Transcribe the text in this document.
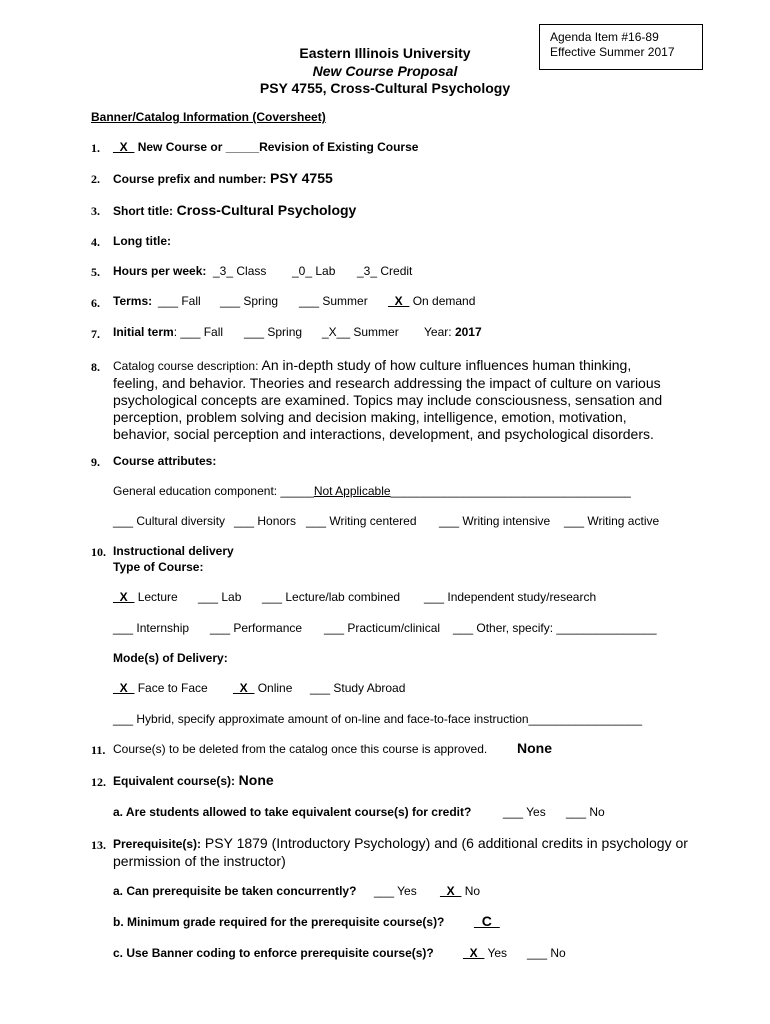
Agenda Item #16-89
Effective Summer 2017
Eastern Illinois University
New Course Proposal
PSY 4755, Cross-Cultural Psychology
Banner/Catalog Information (Coversheet)
1. _X_ New Course or _____Revision of Existing Course
2. Course prefix and number: PSY 4755
3. Short title: Cross-Cultural Psychology
4. Long title:
5. Hours per week: _3_ Class _0_ Lab _3_ Credit
6. Terms: ___ Fall ___ Spring ___ Summer _X_ On demand
7. Initial term: ___ Fall ___ Spring _X__ Summer Year: 2017
8. Catalog course description: An in-depth study of how culture influences human thinking, feeling, and behavior. Theories and research addressing the impact of culture on various psychological concepts are examined. Topics may include consciousness, sensation and perception, problem solving and decision making, intelligence, emotion, motivation, behavior, social perception and interactions, development, and psychological disorders.
9. Course attributes:
General education component: _____Not Applicable____________________________________
___ Cultural diversity ___ Honors ___ Writing centered ___ Writing intensive ___ Writing active
10. Instructional delivery
Type of Course:
_X_ Lecture ___ Lab ___ Lecture/lab combined ___ Independent study/research
___ Internship ___ Performance ___ Practicum/clinical ___ Other, specify: _______________
Mode(s) of Delivery:
_X_ Face to Face _X_ Online ___ Study Abroad
___ Hybrid, specify approximate amount of on-line and face-to-face instruction_________________
11. Course(s) to be deleted from the catalog once this course is approved. None
12. Equivalent course(s): None
a. Are students allowed to take equivalent course(s) for credit?	___ Yes ___ No
13. Prerequisite(s): PSY 1879 (Introductory Psychology) and (6 additional credits in psychology or permission of the instructor)
a. Can prerequisite be taken concurrently? ___ Yes _X_ No
b. Minimum grade required for the prerequisite course(s)? _C_
c. Use Banner coding to enforce prerequisite course(s)? _X_ Yes ___ No
